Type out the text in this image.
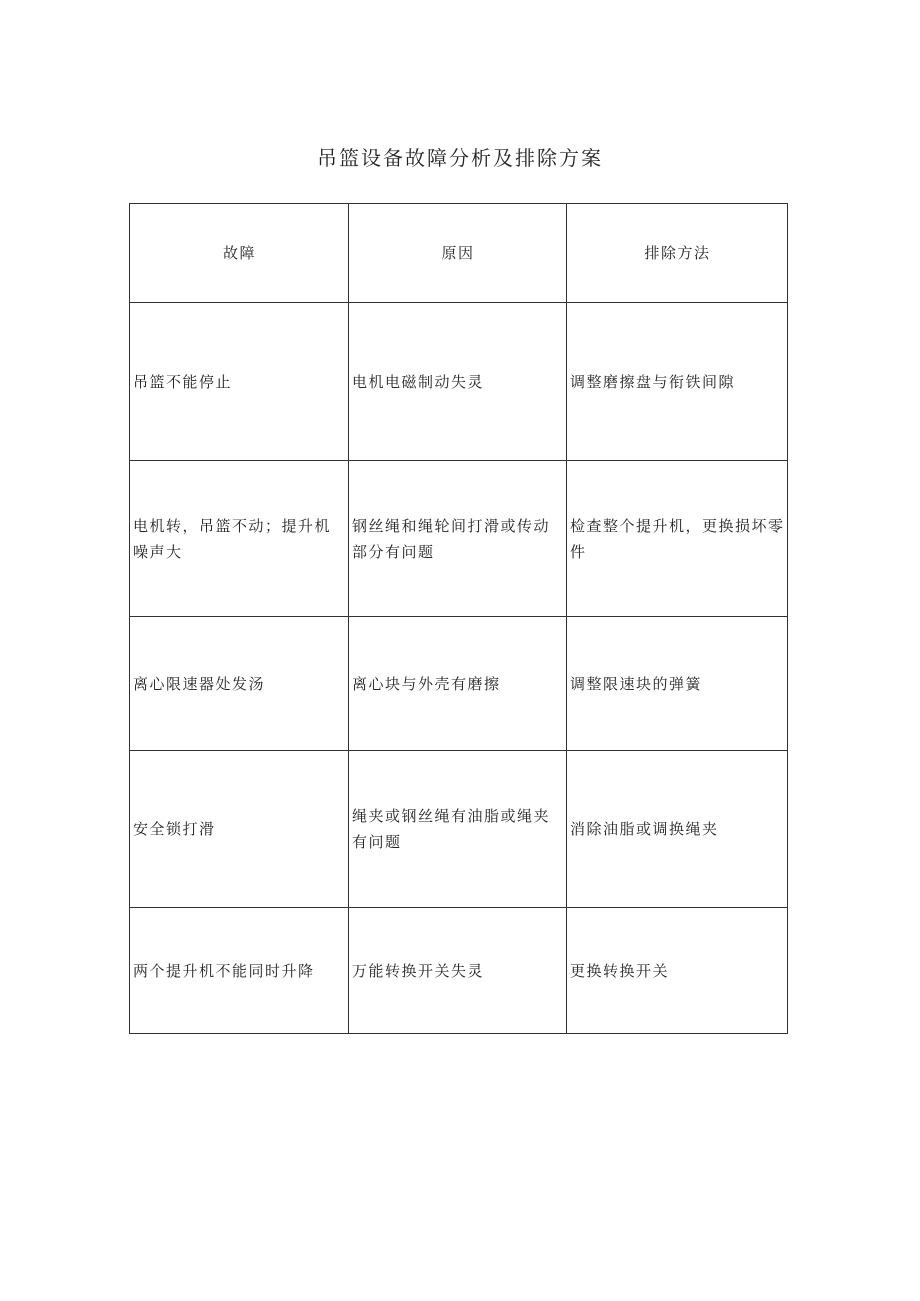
吊篮设备故障分析及排除方案
故障	原因	排除方法
吊篮不能停止	电机电磁制动失灵	调整磨擦盘与衔铁间隙
电机转，吊篮不动；提升机噪声大	钢丝绳和绳轮间打滑或传动部分有问题	检查整个提升机，更换损坏零件
离心限速器处发汤	离心块与外壳有磨擦	调整限速块的弹簧
安全锁打滑	绳夹或钢丝绳有油脂或绳夹有问题	消除油脂或调换绳夹
两个提升机不能同时升降	万能转换开关失灵	更换转换开关
